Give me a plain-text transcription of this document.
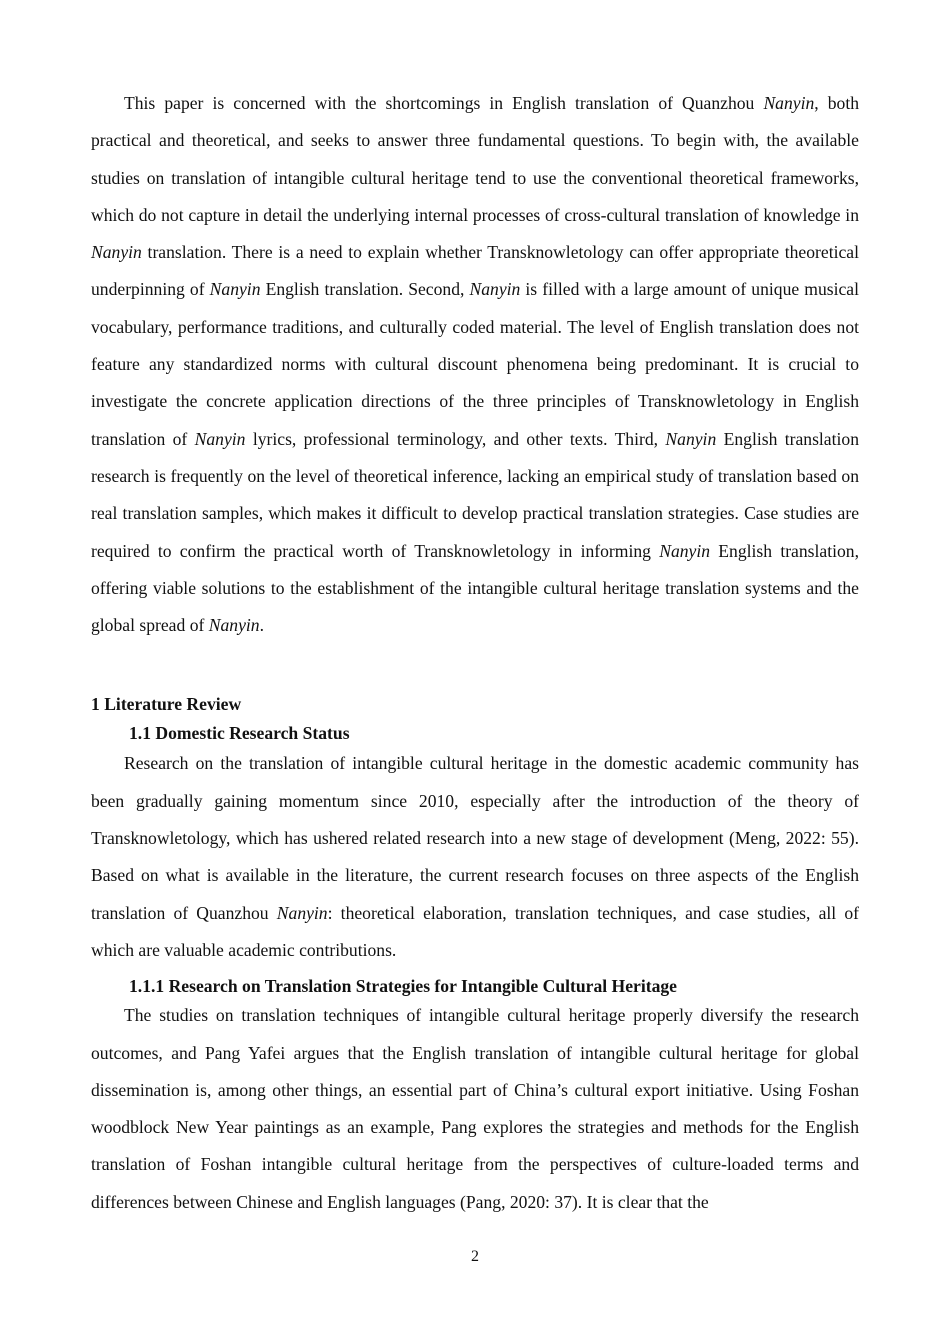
This paper is concerned with the shortcomings in English translation of Quanzhou Nanyin, both practical and theoretical, and seeks to answer three fundamental questions. To begin with, the available studies on translation of intangible cultural heritage tend to use the conventional theoretical frameworks, which do not capture in detail the underlying internal processes of cross-cultural translation of knowledge in Nanyin translation. There is a need to explain whether Transknowletology can offer appropriate theoretical underpinning of Nanyin English translation. Second, Nanyin is filled with a large amount of unique musical vocabulary, performance traditions, and culturally coded material. The level of English translation does not feature any standardized norms with cultural discount phenomena being predominant. It is crucial to investigate the concrete application directions of the three principles of Transknowletology in English translation of Nanyin lyrics, professional terminology, and other texts. Third, Nanyin English translation research is frequently on the level of theoretical inference, lacking an empirical study of translation based on real translation samples, which makes it difficult to develop practical translation strategies. Case studies are required to confirm the practical worth of Transknowletology in informing Nanyin English translation, offering viable solutions to the establishment of the intangible cultural heritage translation systems and the global spread of Nanyin.

1 Literature Review
1.1 Domestic Research Status

Research on the translation of intangible cultural heritage in the domestic academic community has been gradually gaining momentum since 2010, especially after the introduction of the theory of Transknowletology, which has ushered related research into a new stage of development (Meng, 2022: 55). Based on what is available in the literature, the current research focuses on three aspects of the English translation of Quanzhou Nanyin: theoretical elaboration, translation techniques, and case studies, all of which are valuable academic contributions.

1.1.1 Research on Translation Strategies for Intangible Cultural Heritage

The studies on translation techniques of intangible cultural heritage properly diversify the research outcomes, and Pang Yafei argues that the English translation of intangible cultural heritage for global dissemination is, among other things, an essential part of China’s cultural export initiative. Using Foshan woodblock New Year paintings as an example, Pang explores the strategies and methods for the English translation of Foshan intangible cultural heritage from the perspectives of culture-loaded terms and differences between Chinese and English languages (Pang, 2020: 37). It is clear that the

2
